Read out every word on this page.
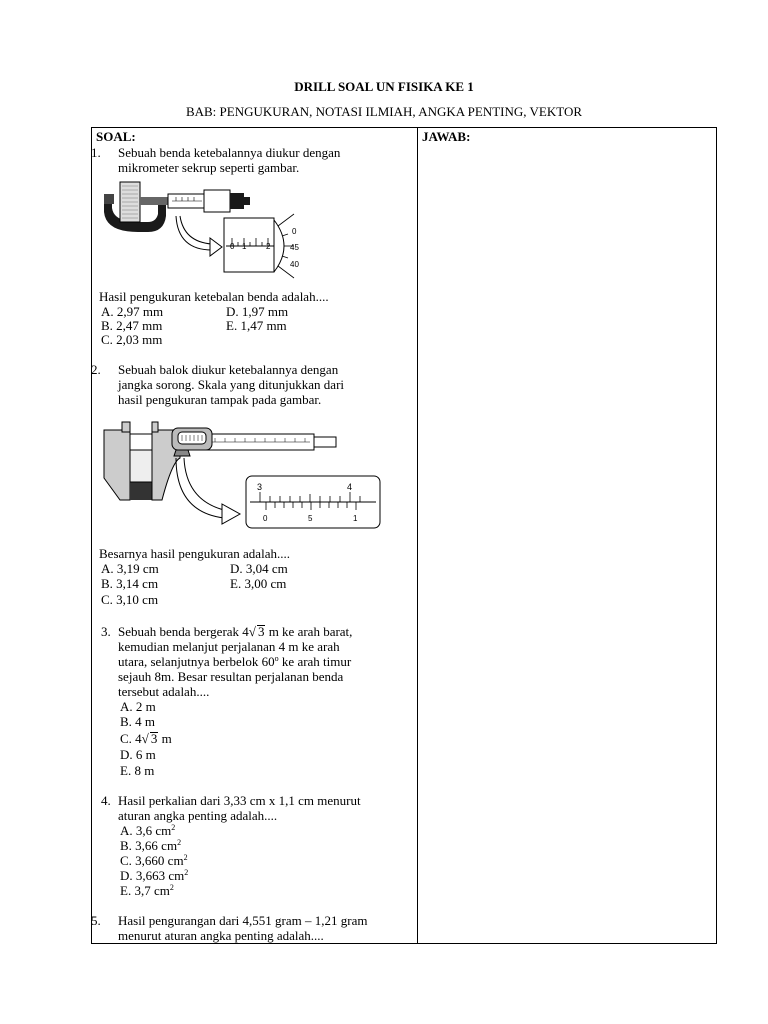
DRILL SOAL UN FISIKA KE 1
BAB: PENGUKURAN, NOTASI ILMIAH, ANGKA PENTING, VEKTOR
SOAL:	JAWAB:
1. Sebuah benda ketebalannya diukur dengan
mikrometer sekrup seperti gambar.
0 1 2
0
45
40
Hasil pengukuran ketebalan benda adalah....
A. 2,97 mm	D. 1,97 mm
B. 2,47 mm	E. 1,47 mm
C. 2,03 mm
2. Sebuah balok diukur ketebalannya dengan
jangka sorong. Skala yang ditunjukkan dari
hasil pengukuran tampak pada gambar.
3	4
0	5	1
Besarnya hasil pengukuran adalah....
A. 3,19 cm	D. 3,04 cm
B. 3,14 cm	E. 3,00 cm
C. 3,10 cm
3. Sebuah benda bergerak 4√ 3 m ke arah barat,
kemudian melanjut perjalanan 4 m ke arah
utara, selanjutnya berbelok 60$^o$ ke arah timur
sejauh 8m. Besar resultan perjalanan benda
tersebut adalah....
A. 2 m
B. 4 m
C. 4√ 3 m
D. 6 m
E. 8 m
4. Hasil perkalian dari 3,33 cm x 1,1 cm menurut
aturan angka penting adalah....
A. 3,6 $cm^2$
B. 3,66 $cm^2$
C. 3,660 $cm^2$
D. 3,663 $cm^2$
E. 3,7 $cm^2$
5. Hasil pengurangan dari 4,551 gram – 1,21 gram
menurut aturan angka penting adalah....
